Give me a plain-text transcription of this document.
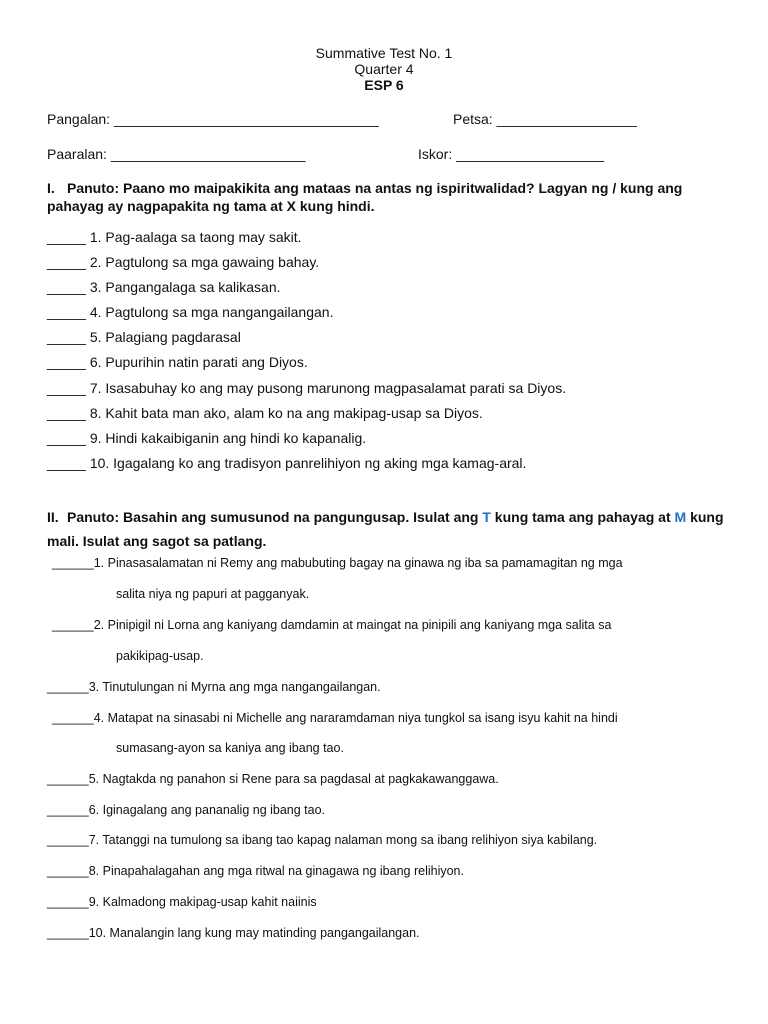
Summative Test No. 1
Quarter 4
ESP 6
Pangalan: __________________________________	Petsa: __________________
Paaralan: _________________________	Iskor: ___________________
I. Panuto: Paano mo maipakikita ang mataas na antas ng ispiritwalidad? Lagyan ng / kung ang pahayag ay nagpapakita ng tama at X kung hindi.
_____ 1. Pag-aalaga sa taong may sakit.
_____ 2. Pagtulong sa mga gawaing bahay.
_____ 3. Pangangalaga sa kalikasan.
_____ 4. Pagtulong sa mga nangangailangan.
_____ 5. Palagiang pagdarasal
_____ 6. Pupurihin natin parati ang Diyos.
_____ 7. Isasabuhay ko ang may pusong marunong magpasalamat parati sa Diyos.
_____ 8. Kahit bata man ako, alam ko na ang makipag-usap sa Diyos.
_____ 9. Hindi kakaibiganin ang hindi ko kapanalig.
_____ 10. Igagalang ko ang tradisyon panrelihiyon ng aking mga kamag-aral.
II. Panuto: Basahin ang sumusunod na pangungusap. Isulat ang T kung tama ang pahayag at M kung mali. Isulat ang sagot sa patlang.
______1. Pinasasalamatan ni Remy ang mabubuting bagay na ginawa ng iba sa pamamagitan ng mga
salita niya ng papuri at pagganyak.
______2. Pinipigil ni Lorna ang kaniyang damdamin at maingat na pinipili ang kaniyang mga salita sa
pakikipag-usap.
______3. Tinutulungan ni Myrna ang mga nangangailangan.
______4. Matapat na sinasabi ni Michelle ang nararamdaman niya tungkol sa isang isyu kahit na hindi
sumasang-ayon sa kaniya ang ibang tao.
______5. Nagtakda ng panahon si Rene para sa pagdasal at pagkakawanggawa.
______6. Iginagalang ang pananalig ng ibang tao.
______7. Tatanggi na tumulong sa ibang tao kapag nalaman mong sa ibang relihiyon siya kabilang.
______8. Pinapahalagahan ang mga ritwal na ginagawa ng ibang relihiyon.
______9. Kalmadong makipag-usap kahit naiinis
______10. Manalangin lang kung may matinding pangangailangan.
